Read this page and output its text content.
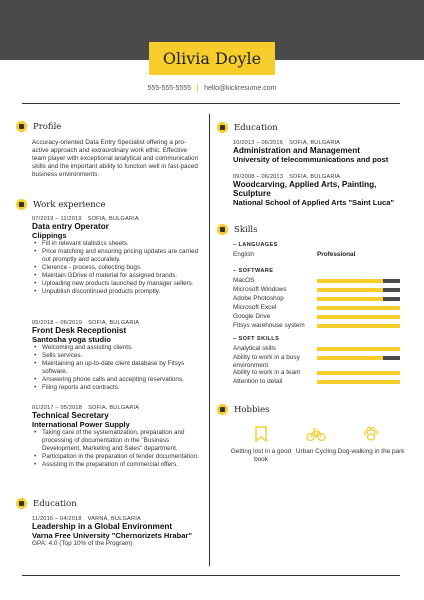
Olivia Doyle
555-555-5555 hello@kickresume.com
Profile
Accuracy-oriented Data Entry Specialist offering a pro-active approach and extraordinary work ethic. Effective team player with exceptional analytical and communication skills and the important ability to function well in fast-paced business environments.
Work experience
07/2019 – 11/2019 SOFIA, BULGARIA
Data entry Operator
Clippings
• Fill in relevant statistics sheets.
• Price matching and ensuring pricing updates are carried out promptly and accurately.
• Clerence - process, collecting bugs.
• Maintain GDrive of material for assigned brands.
• Uploading new products launched by manager sellers.
• Unpublish discontinued products promptly.
05/2018 – 06/2019 SOFIA, BULGARIA
Front Desk Receptionist
Santosha yoga studio
• Welcoming and assisting clients.
• Sells services.
• Maintaining an up-to-date client database by Fitsys software.
• Answering phone calls and accepting reservations.
• Filing reports and contracts.
01/2017 – 05/2018 SOFIA, BULGARIA
Technical Secretary
International Power Supply
• Taking care of the systematization, preparation and processing of documentation in the "Business Development, Marketing and Sales" department.
• Participation in the preparation of tender documentation.
• Assisting in the preparation of commercial offers.
Education
11/2016 – 04/2018 VARNA, BULGARIA
Leadership in a Global Environment
Varna Free University "Chernorizets Hrabar"
GPA: 4.0 (Top 10% of the Program)
Education
10/2013 – 06/2016 SOFIA, BULGARIA
Administration and Management
University of telecommunications and post
09/2008 – 06/2013 SOFIA, BULGARIA
Woodcarving, Applied Arts, Painting, Sculpture
National School of Applied Arts "Saint Luca"
Skills
– LANGUAGES
English	Professional
– SOFTWARE
MacOS
Microsoft Windows
Adobe Photoshop
Microsoft Excel
Google Drive
Fitsys warehouse system
– SOFT SKILLS
Analytical skills
Ability to work in a busy environment
Ability to work in a team
Attention to detail
Hobbies
Getting lost in a good book
Urban Cycling Dog-walking in the park
